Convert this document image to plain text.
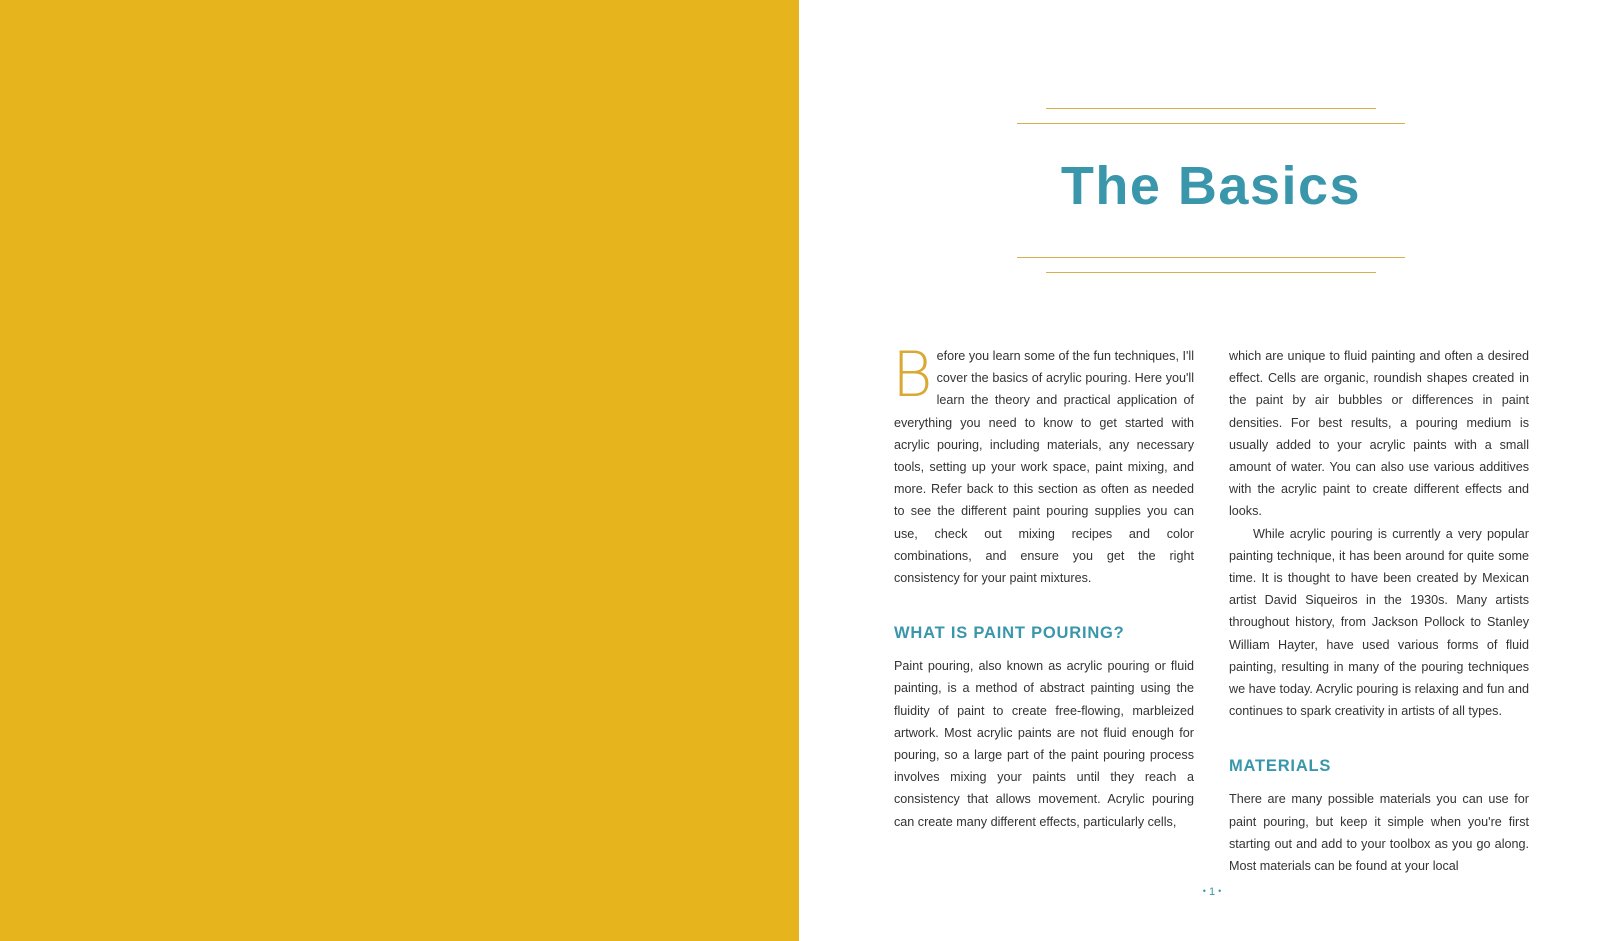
The Basics

Before you learn some of the fun techniques, I'll cover the basics of acrylic pouring. Here you'll learn the theory and practical application of everything you need to know to get started with acrylic pouring, including materials, any necessary tools, setting up your work space, paint mixing, and more. Refer back to this section as often as needed to see the different paint pouring supplies you can use, check out mixing recipes and color combinations, and ensure you get the right consistency for your paint mixtures.

WHAT IS PAINT POURING?

Paint pouring, also known as acrylic pouring or fluid painting, is a method of abstract painting using the fluidity of paint to create free-flowing, marbleized artwork. Most acrylic paints are not fluid enough for pouring, so a large part of the paint pouring process involves mixing your paints until they reach a consistency that allows movement. Acrylic pouring can create many different effects, particularly cells,

which are unique to fluid painting and often a desired effect. Cells are organic, roundish shapes created in the paint by air bubbles or differences in paint densities. For best results, a pouring medium is usually added to your acrylic paints with a small amount of water. You can also use various additives with the acrylic paint to create different effects and looks.

While acrylic pouring is currently a very popular painting technique, it has been around for quite some time. It is thought to have been created by Mexican artist David Siqueiros in the 1930s. Many artists throughout history, from Jackson Pollock to Stanley William Hayter, have used various forms of fluid painting, resulting in many of the pouring techniques we have today. Acrylic pouring is relaxing and fun and continues to spark creativity in artists of all types.

MATERIALS

There are many possible materials you can use for paint pouring, but keep it simple when you're first starting out and add to your toolbox as you go along. Most materials can be found at your local

• 1 •
